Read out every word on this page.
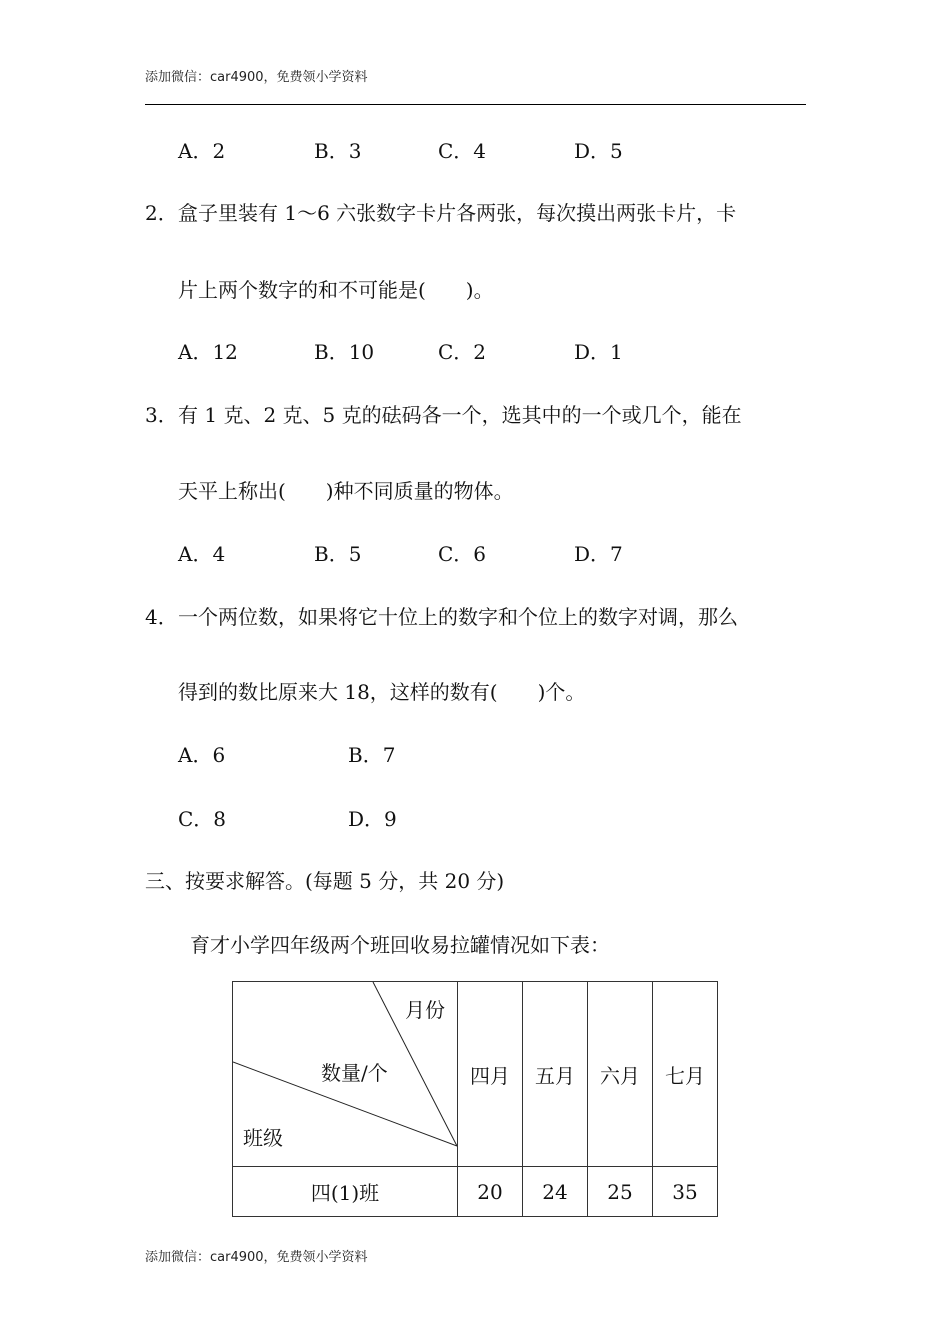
添加微信：car4900，免费领小学资料
A．2	B．3	C．4	D．5
2． 盒子里装有 1～6 六张数字卡片各两张，每次摸出两张卡片，卡
片上两个数字的和不可能是(　　)。
A．12	B．10	C．2	D．1
3． 有 1 克、2 克、5 克的砝码各一个，选其中的一个或几个，能在
天平上称出(　　)种不同质量的物体。
A．4	B．5	C．6	D．7
4． 一个两位数，如果将它十位上的数字和个位上的数字对调，那么
得到的数比原来大 18，这样的数有(　　)个。
A．6	B．7
C．8	D．9
三、按要求解答。(每题 5 分，共 20 分)
育才小学四年级两个班回收易拉罐情况如下表：
月份
数量/个
班级	四月	五月	六月	七月
四(1)班	20	24	25	35
添加微信：car4900，免费领小学资料
